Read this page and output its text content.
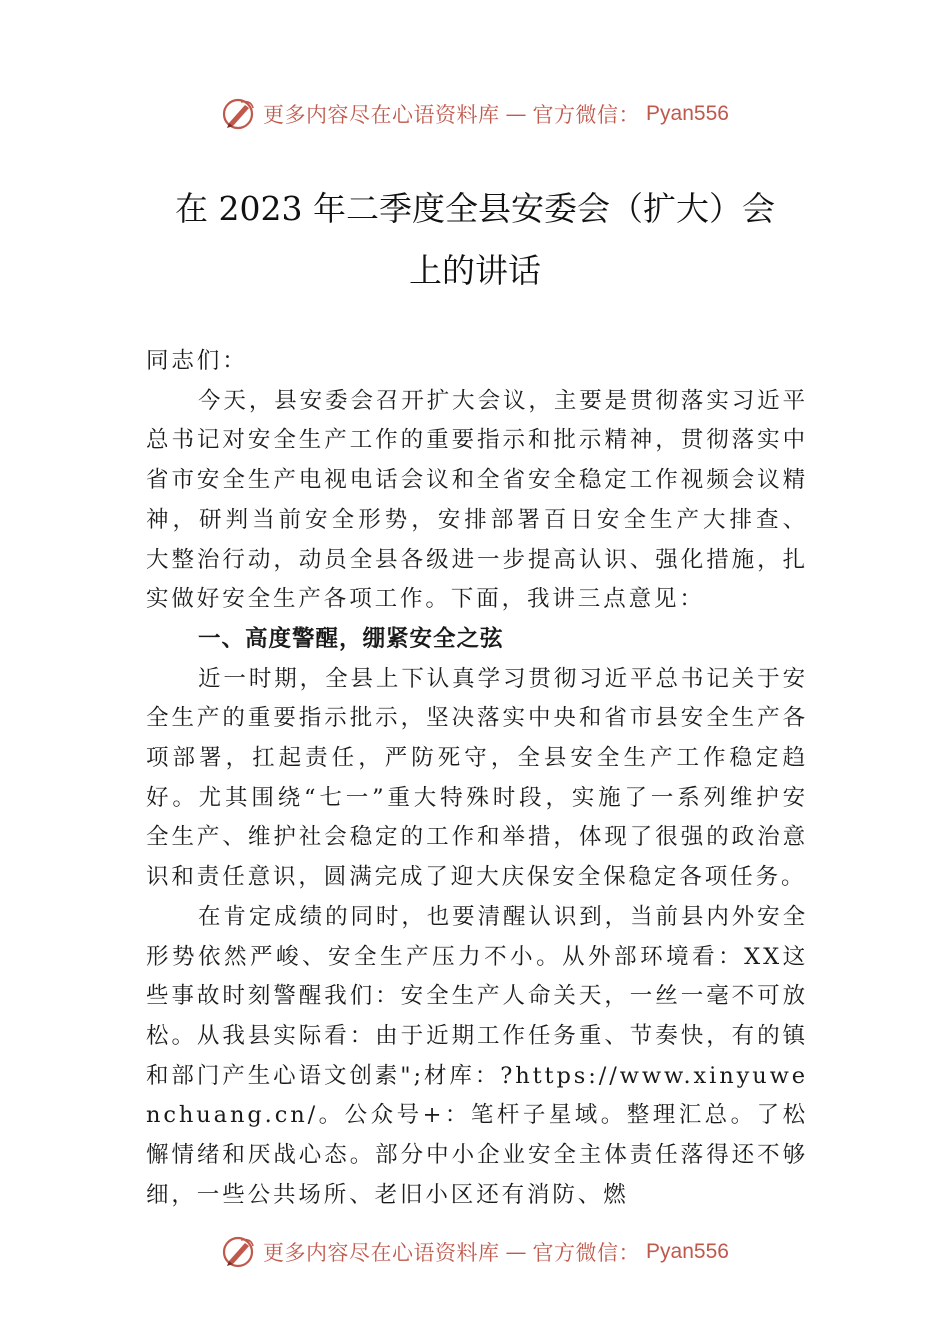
更多内容尽在心语资料库 — 官方微信： Pyan556
在 2023 年二季度全县安委会（扩大）会
上的讲话

同志们：

今天，县安委会召开扩大会议，主要是贯彻落实习近平总书记对安全生产工作的重要指示和批示精神，贯彻落实中省市安全生产电视电话会议和全省安全稳定工作视频会议精神，研判当前安全形势，安排部署百日安全生产大排查、 大整治行动，动员全县各级进一步提高认识、强化措施，扎实做好安全生产各项工作。下面，我讲三点意见：

一、高度警醒，绷紧安全之弦

近一时期，全县上下认真学习贯彻习近平总书记关于安全生产的重要指示批示，坚决落实中央和省市县安全生产各项部署，扛起责任，严防死守，全县安全生产工作稳定趋好。尤其围绕“七一”重大特殊时段，实施了一系列维护安全生产、维护社会稳定的工作和举措，体现了很强的政治意识和责任意识，圆满完成了迎大庆保安全保稳定各项任务。

在肯定成绩的同时，也要清醒认识到，当前县内外安全形势依然严峻、安全生产压力不小。从外部环境看：XX这些事故时刻警醒我们：安全生产人命关天，一丝一毫不可放松。从我县实际看：由于近期工作任务重、节奏快，有的镇和部门产生心语文创素";材库：?https://www.xinyuwenchuang.cn/。公众号+：笔杆子星域。整理汇总。了松懈情绪和厌战心态。部分中小企业安全主体责任落得还不够细，一些公共场所、老旧小区还有消防、燃

更多内容尽在心语资料库 — 官方微信： Pyan556
